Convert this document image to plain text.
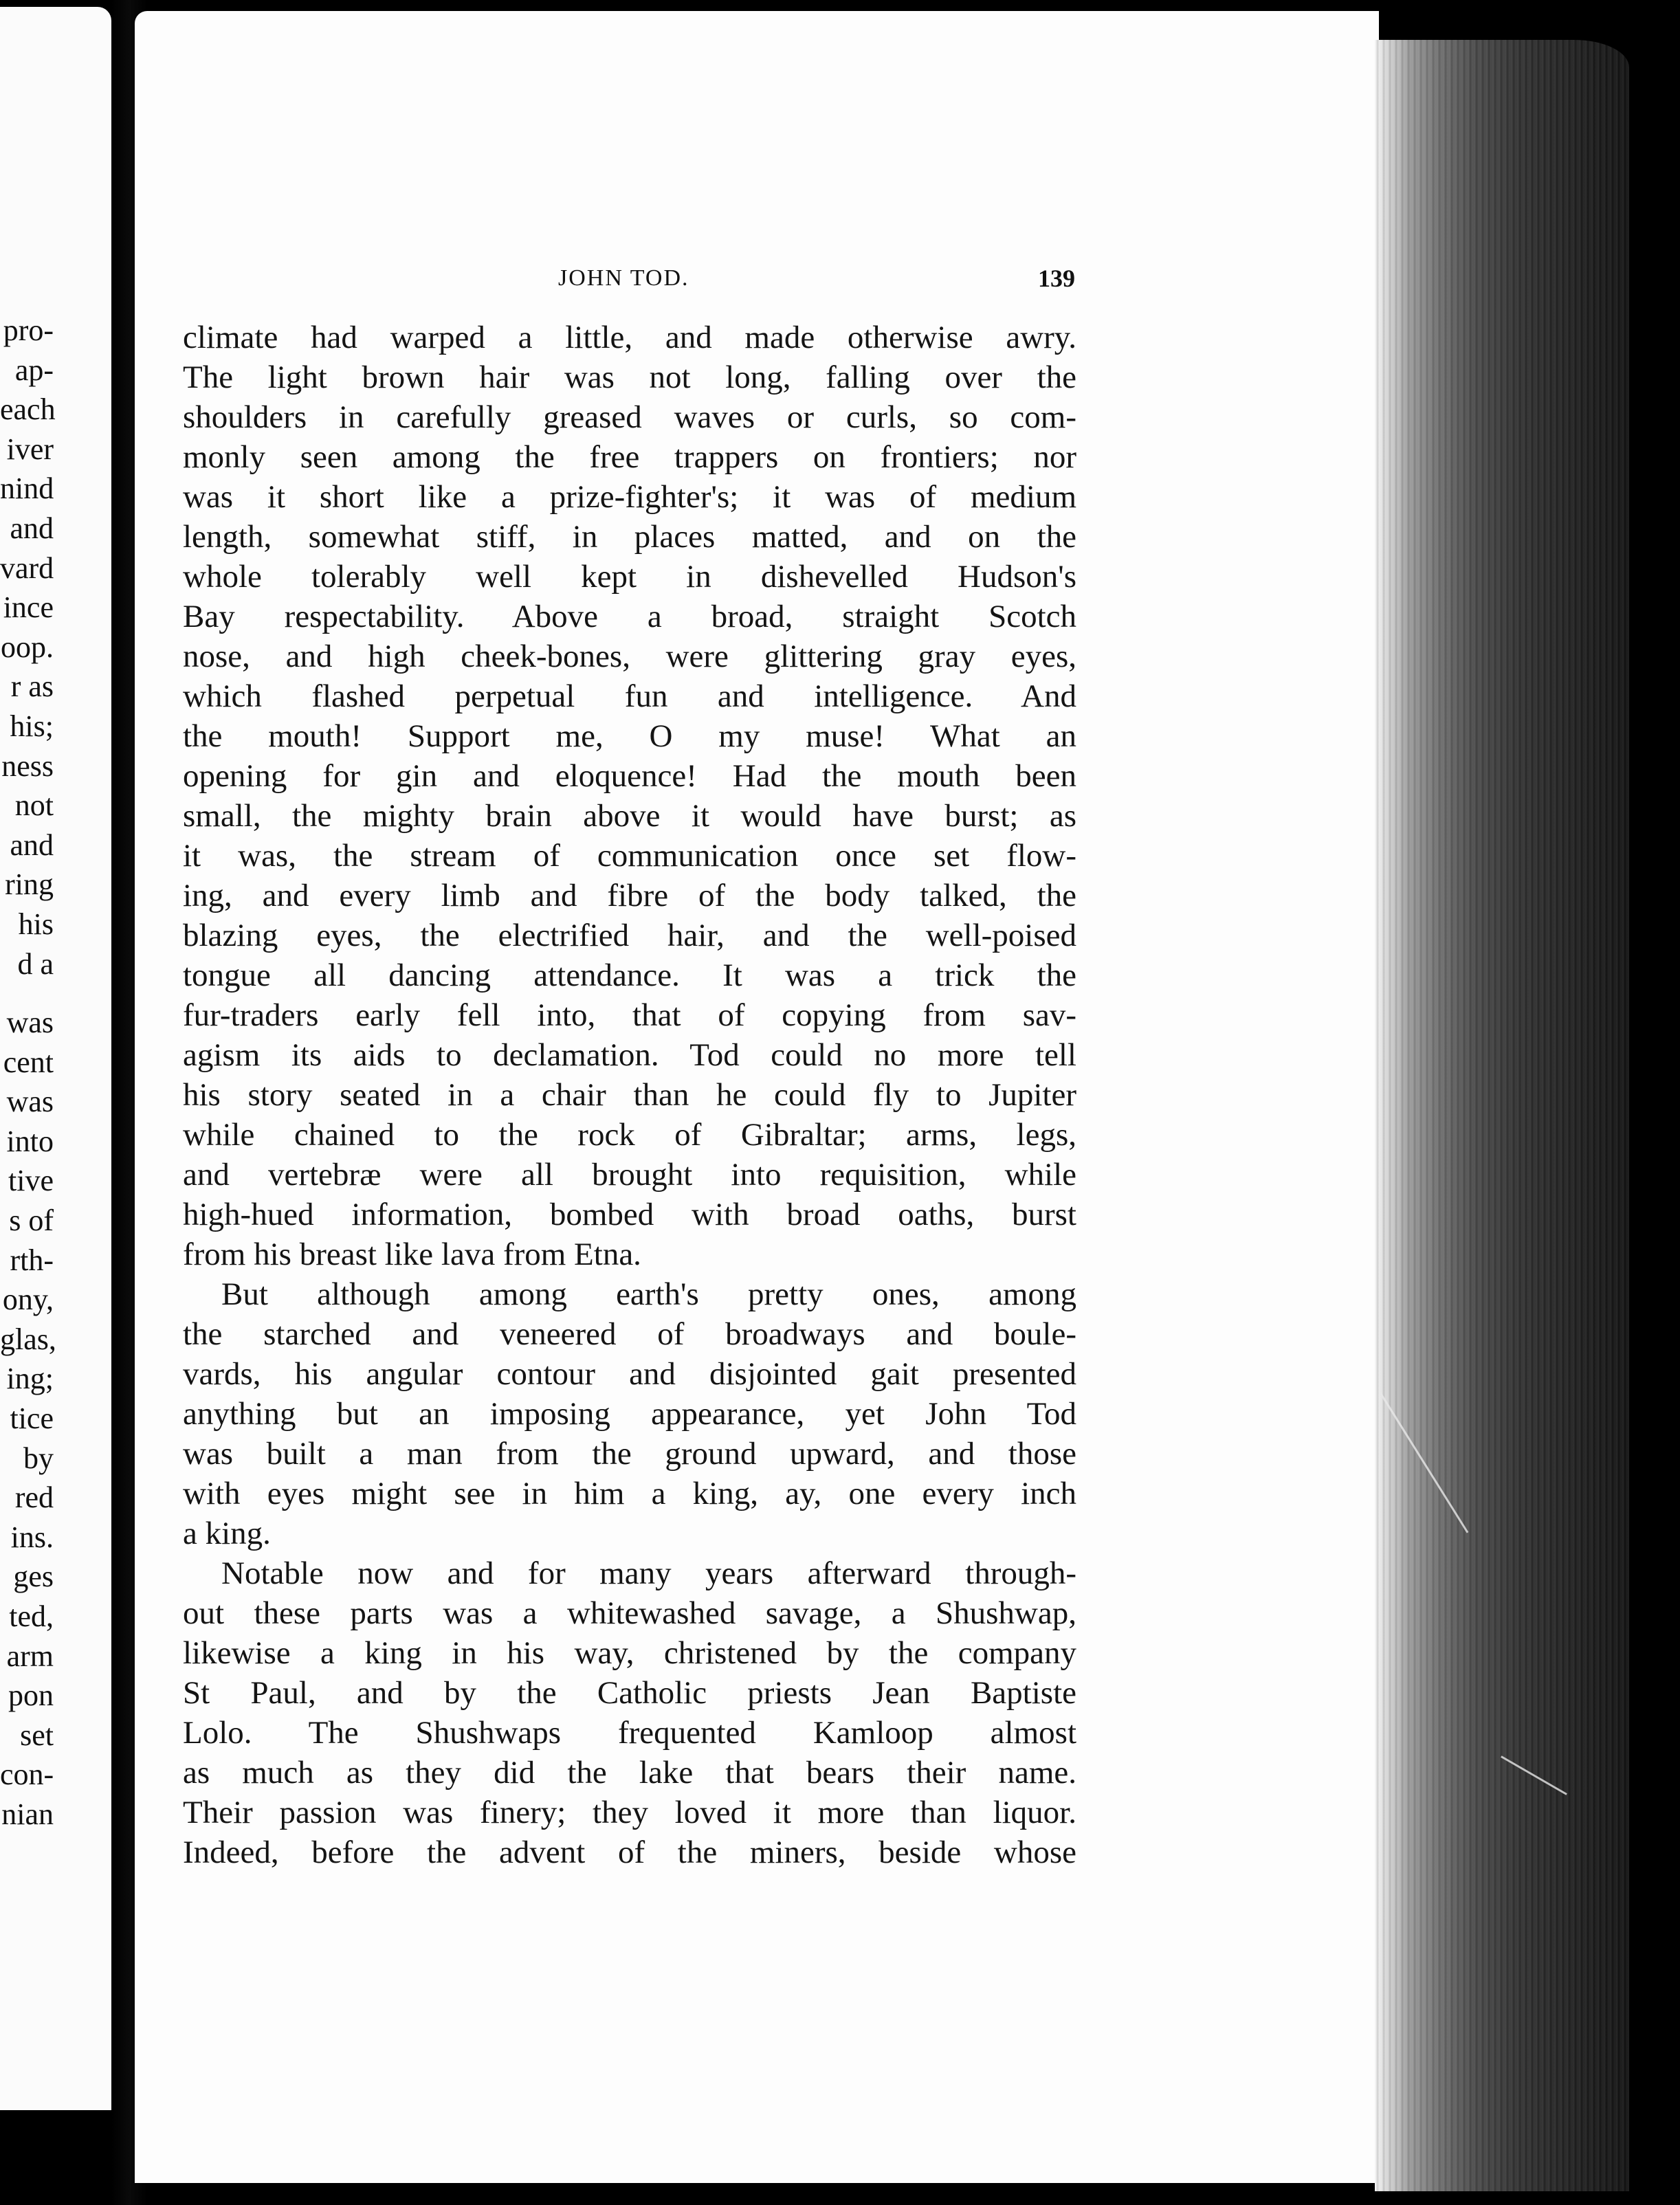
pro-
ap-
each
iver
nind
and
vard
ince
oop.
r as
his;
ness
not
and
ring
his
d a
was
cent
was
into
tive
s of
rth-
ony,
glas,
ing;
tice
by
red
ins.
ges
ted,
arm
pon
set
con-
nian
JOHN TOD.	139
climate had warped a little, and made otherwise awry.
The light brown hair was not long, falling over the
shoulders in carefully greased waves or curls, so com-
monly seen among the free trappers on frontiers; nor
was it short like a prize-fighter's; it was of medium
length, somewhat stiff, in places matted, and on the
whole tolerably well kept in dishevelled Hudson's
Bay respectability. Above a broad, straight Scotch
nose, and high cheek-bones, were glittering gray eyes,
which flashed perpetual fun and intelligence. And
the mouth! Support me, O my muse! What an
opening for gin and eloquence! Had the mouth been
small, the mighty brain above it would have burst; as
it was, the stream of communication once set flow-
ing, and every limb and fibre of the body talked, the
blazing eyes, the electrified hair, and the well-poised
tongue all dancing attendance. It was a trick the
fur-traders early fell into, that of copying from sav-
agism its aids to declamation. Tod could no more tell
his story seated in a chair than he could fly to Jupiter
while chained to the rock of Gibraltar; arms, legs,
and vertebræ were all brought into requisition, while
high-hued information, bombed with broad oaths, burst
from his breast like lava from Etna.
But although among earth's pretty ones, among
the starched and veneered of broadways and boule-
vards, his angular contour and disjointed gait presented
anything but an imposing appearance, yet John Tod
was built a man from the ground upward, and those
with eyes might see in him a king, ay, one every inch
a king.
Notable now and for many years afterward through-
out these parts was a whitewashed savage, a Shushwap,
likewise a king in his way, christened by the company
St Paul, and by the Catholic priests Jean Baptiste
Lolo. The Shushwaps frequented Kamloop almost
as much as they did the lake that bears their name.
Their passion was finery; they loved it more than liquor.
Indeed, before the advent of the miners, beside whose
